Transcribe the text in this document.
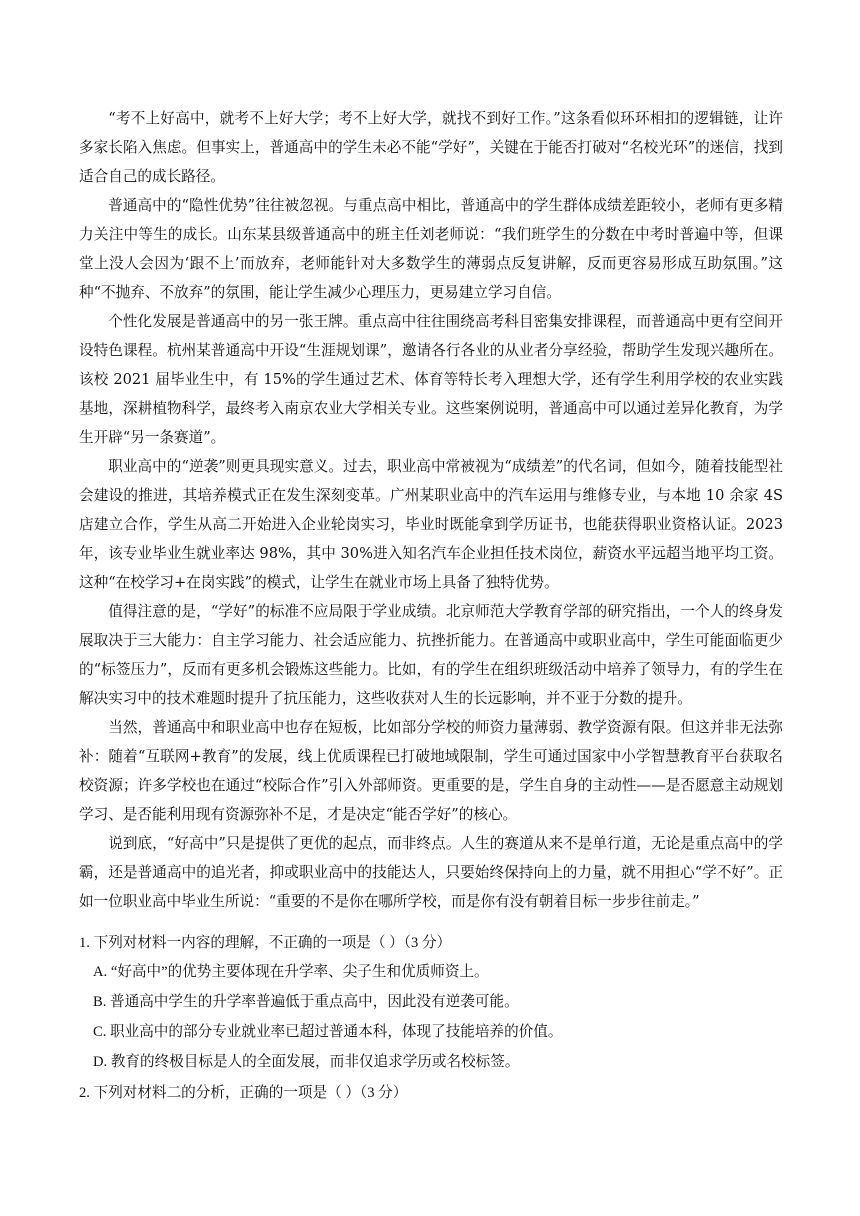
“考不上好高中，就考不上好大学；考不上好大学，就找不到好工作。”这条看似环环相扣的逻辑链，让许多家长陷入焦虑。但事实上，普通高中的学生未必不能“学好”，关键在于能否打破对“名校光环”的迷信，找到适合自己的成长路径。

普通高中的“隐性优势”往往被忽视。与重点高中相比，普通高中的学生群体成绩差距较小，老师有更多精力关注中等生的成长。山东某县级普通高中的班主任刘老师说：“我们班学生的分数在中考时普遍中等，但课堂上没人会因为‘跟不上’而放弃，老师能针对大多数学生的薄弱点反复讲解，反而更容易形成互助氛围。”这种“不抛弃、不放弃”的氛围，能让学生减少心理压力，更易建立学习自信。

个性化发展是普通高中的另一张王牌。重点高中往往围绕高考科目密集安排课程，而普通高中更有空间开设特色课程。杭州某普通高中开设“生涯规划课”，邀请各行各业的从业者分享经验，帮助学生发现兴趣所在。该校 2021 届毕业生中，有 15%的学生通过艺术、体育等特长考入理想大学，还有学生利用学校的农业实践基地，深耕植物科学，最终考入南京农业大学相关专业。这些案例说明，普通高中可以通过差异化教育，为学生开辟“另一条赛道”。

职业高中的“逆袭”则更具现实意义。过去，职业高中常被视为“成绩差”的代名词，但如今，随着技能型社会建设的推进，其培养模式正在发生深刻变革。广州某职业高中的汽车运用与维修专业，与本地 10 余家 4S 店建立合作，学生从高二开始进入企业轮岗实习，毕业时既能拿到学历证书，也能获得职业资格认证。2023 年，该专业毕业生就业率达 98%，其中 30%进入知名汽车企业担任技术岗位，薪资水平远超当地平均工资。这种“在校学习+在岗实践”的模式，让学生在就业市场上具备了独特优势。

值得注意的是，“学好”的标准不应局限于学业成绩。北京师范大学教育学部的研究指出，一个人的终身发展取决于三大能力：自主学习能力、社会适应能力、抗挫折能力。在普通高中或职业高中，学生可能面临更少的“标签压力”，反而有更多机会锻炼这些能力。比如，有的学生在组织班级活动中培养了领导力，有的学生在解决实习中的技术难题时提升了抗压能力，这些收获对人生的长远影响，并不亚于分数的提升。

当然，普通高中和职业高中也存在短板，比如部分学校的师资力量薄弱、教学资源有限。但这并非无法弥补：随着“互联网+教育”的发展，线上优质课程已打破地域限制，学生可通过国家中小学智慧教育平台获取名校资源；许多学校也在通过“校际合作”引入外部师资。更重要的是，学生自身的主动性——是否愿意主动规划学习、是否能利用现有资源弥补不足，才是决定“能否学好”的核心。

说到底，“好高中”只是提供了更优的起点，而非终点。人生的赛道从来不是单行道，无论是重点高中的学霸，还是普通高中的追光者，抑或职业高中的技能达人，只要始终保持向上的力量，就不用担心“学不好”。正如一位职业高中毕业生所说：“重要的不是你在哪所学校，而是你有没有朝着目标一步步往前走。”

1. 下列对材料一内容的理解，不正确的一项是（ ）（3 分）

A. “好高中”的优势主要体现在升学率、尖子生和优质师资上。

B. 普通高中学生的升学率普遍低于重点高中，因此没有逆袭可能。

C. 职业高中的部分专业就业率已超过普通本科，体现了技能培养的价值。

D. 教育的终极目标是人的全面发展，而非仅追求学历或名校标签。

2. 下列对材料二的分析，正确的一项是（ ）（3 分）
